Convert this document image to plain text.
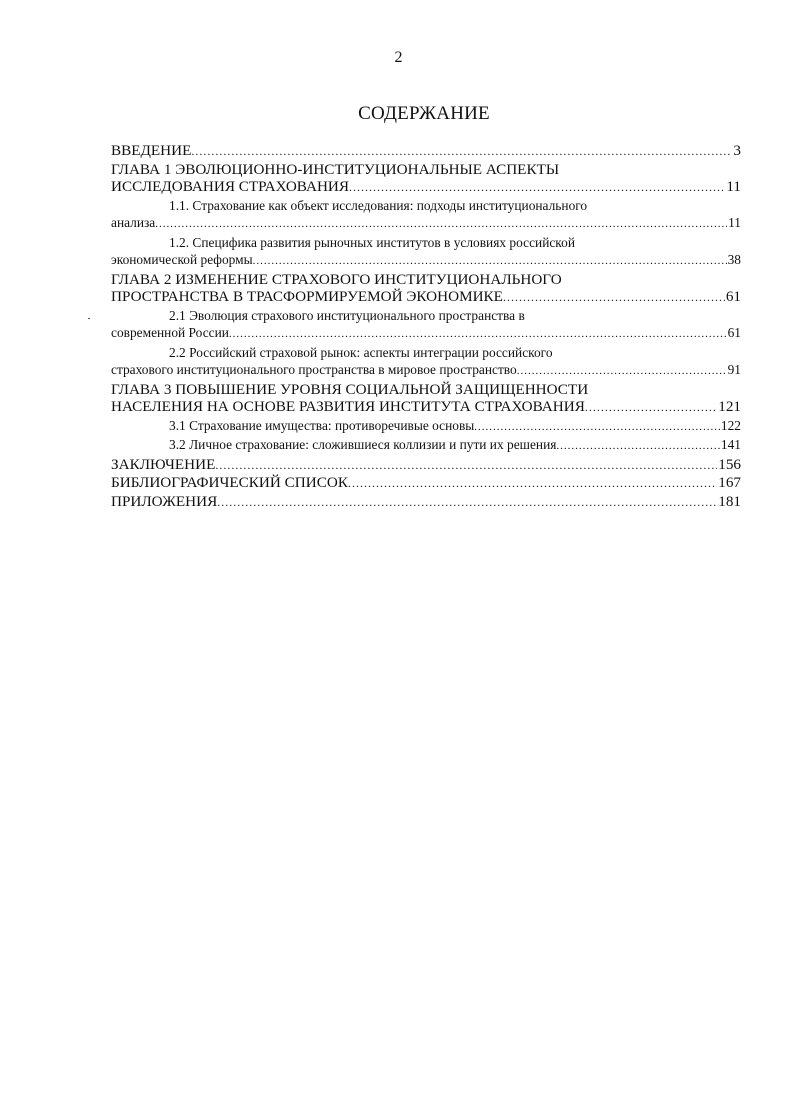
2
СОДЕРЖАНИЕ
ВВЕДЕНИЕ .....	3
ГЛАВА 1 ЭВОЛЮЦИОННО-ИНСТИТУЦИОНАЛЬНЫЕ АСПЕКТЫ
ИССЛЕДОВАНИЯ СТРАХОВАНИЯ .....	11
1.1. Страхование как объект исследования: подходы институционального
анализа .....	11
1.2. Специфика развития рыночных институтов в условиях российской
экономической реформы .....	38
ГЛАВА 2 ИЗМЕНЕНИЕ СТРАХОВОГО ИНСТИТУЦИОНАЛЬНОГО
ПРОСТРАНСТВА В ТРАСФОРМИРУЕМОЙ ЭКОНОМИКЕ .....	61
2.1 Эволюция страхового институционального пространства в
современной России .....	61
2.2 Российский страховой рынок: аспекты интеграции российского
страхового институционального пространства в мировое пространство .....	91
ГЛАВА 3 ПОВЫШЕНИЕ УРОВНЯ СОЦИАЛЬНОЙ ЗАЩИЩЕННОСТИ
НАСЕЛЕНИЯ НА ОСНОВЕ РАЗВИТИЯ ИНСТИТУТА СТРАХОВАНИЯ .....	121
3.1 Страхование имущества: противоречивые основы .....	122
3.2 Личное страхование: сложившиеся коллизии и пути их решения .....	141
ЗАКЛЮЧЕНИЕ .....	156
БИБЛИОГРАФИЧЕСКИЙ СПИСОК .....	167
ПРИЛОЖЕНИЯ .....	181
